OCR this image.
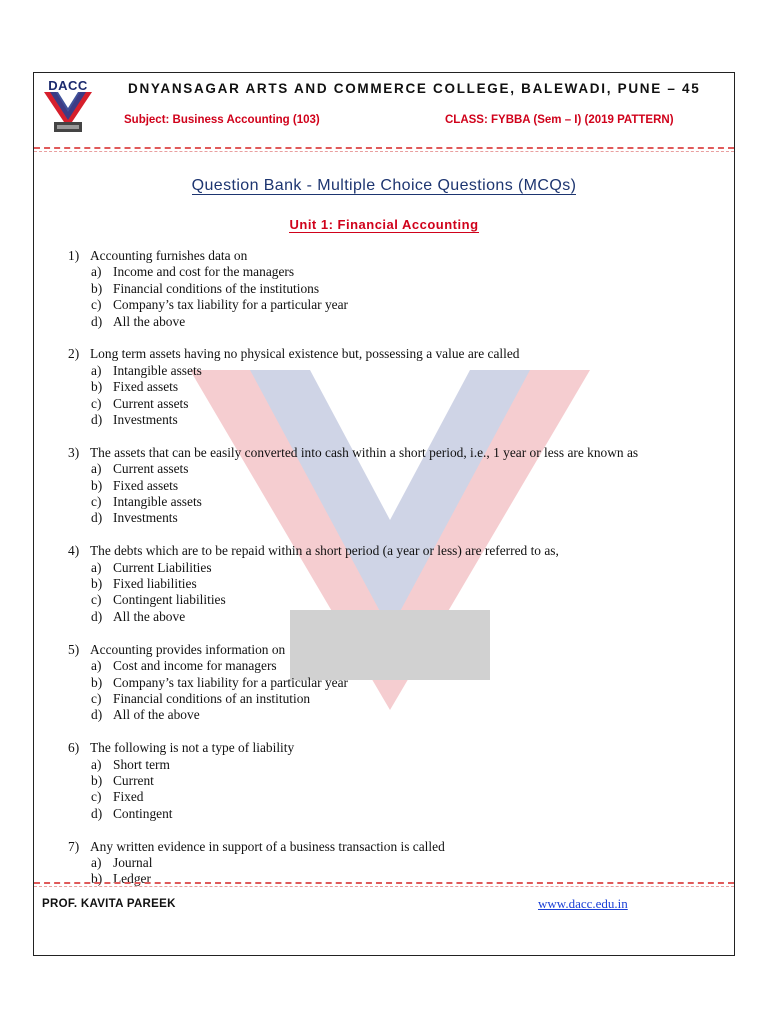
DACC	DNYANSAGAR ARTS AND COMMERCE COLLEGE, BALEWADI, PUNE – 45
Subject: Business Accounting (103)	CLASS: FYBBA (Sem – I) (2019 PATTERN)
Question Bank - Multiple Choice Questions (MCQs)
Unit 1: Financial Accounting
1) Accounting furnishes data on
a) Income and cost for the managers
b) Financial conditions of the institutions
c) Company’s tax liability for a particular year
d) All the above
2) Long term assets having no physical existence but, possessing a value are called
a) Intangible assets
b) Fixed assets
c) Current assets
d) Investments
3) The assets that can be easily converted into cash within a short period, i.e., 1 year or less are known as
a) Current assets
b) Fixed assets
c) Intangible assets
d) Investments
4) The debts which are to be repaid within a short period (a year or less) are referred to as,
a) Current Liabilities
b) Fixed liabilities
c) Contingent liabilities
d) All the above
5) Accounting provides information on
a) Cost and income for managers
b) Company’s tax liability for a particular year
c) Financial conditions of an institution
d) All of the above
6) The following is not a type of liability
a) Short term
b) Current
c) Fixed
d) Contingent
7) Any written evidence in support of a business transaction is called
a) Journal
b) Ledger
PROF. KAVITA PAREEK	www.dacc.edu.in
